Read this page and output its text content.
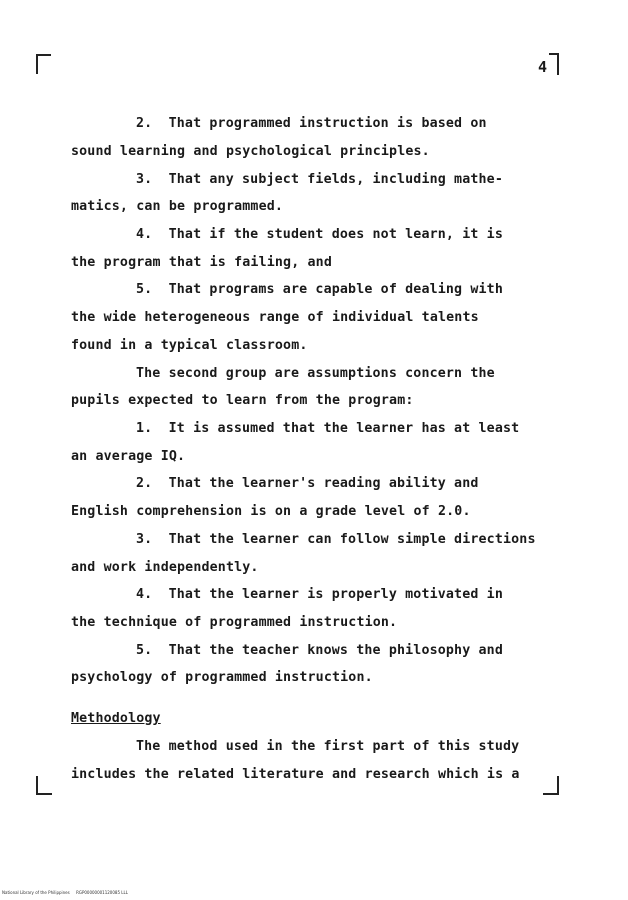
4
2.  That programmed instruction is based on
sound learning and psychological principles.
3.  That any subject fields, including mathe-
matics, can be programmed.
4.  That if the student does not learn, it is
the program that is failing, and
5.  That programs are capable of dealing with
the wide heterogeneous range of individual talents
found in a typical classroom.
The second group are assumptions concern the
pupils expected to learn from the program:
1.  It is assumed that the learner has at least
an average IQ.
2.  That the learner's reading ability and
English comprehension is on a grade level of 2.0.
3.  That the learner can follow simple directions
and work independently.
4.  That the learner is properly motivated in
the technique of programmed instruction.
5.  That the teacher knows the philosophy and
psychology of programmed instruction.
Methodology
The method used in the first part of this study
includes the related literature and research which is a
National Library of the Philippines     RGP00000001120085 LLL
